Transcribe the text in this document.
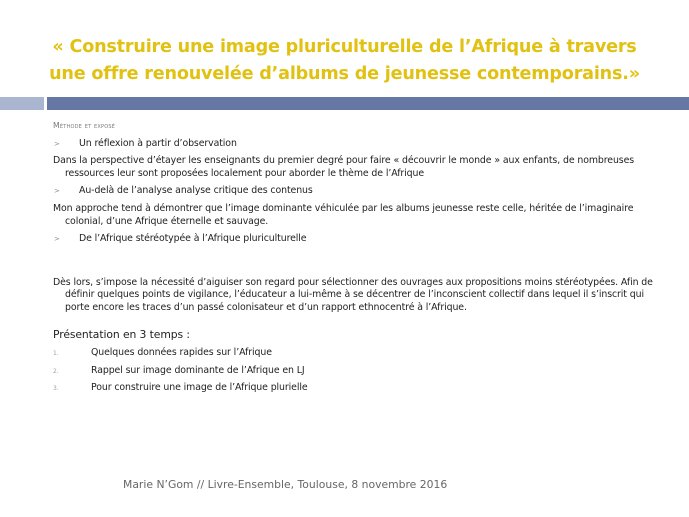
« Construire une image pluriculturelle de l’Afrique à travers
une offre renouvelée d’albums de jeunesse contemporains.»
Méthode et exposé
> Un réflexion à partir d’observation
Dans la perspective d’étayer les enseignants du premier degré pour faire « découvrir le monde » aux enfants, de nombreuses ressources leur sont proposées localement pour aborder le thème de l’Afrique
> Au-delà de l’analyse analyse critique des contenus
Mon approche tend à démontrer que l’image dominante véhiculée par les albums jeunesse reste celle, héritée de l’imaginaire colonial, d’une Afrique éternelle et sauvage.
> De l’Afrique stéréotypée à l’Afrique pluriculturelle
Dès lors, s’impose la nécessité d’aiguiser son regard pour sélectionner des ouvrages aux propositions moins stéréotypées. Afin de définir quelques points de vigilance, l’éducateur a lui-même à se décentrer de l’inconscient collectif dans lequel il s’inscrit qui porte encore les traces d’un passé colonisateur et d’un rapport ethnocentré à l’Afrique.
Présentation en 3 temps :
1.	Quelques données rapides sur l’Afrique
2.	Rappel sur image dominante de l’Afrique en LJ
3.	Pour construire une image de l’Afrique plurielle
Marie N’Gom // Livre-Ensemble, Toulouse, 8 novembre 2016
